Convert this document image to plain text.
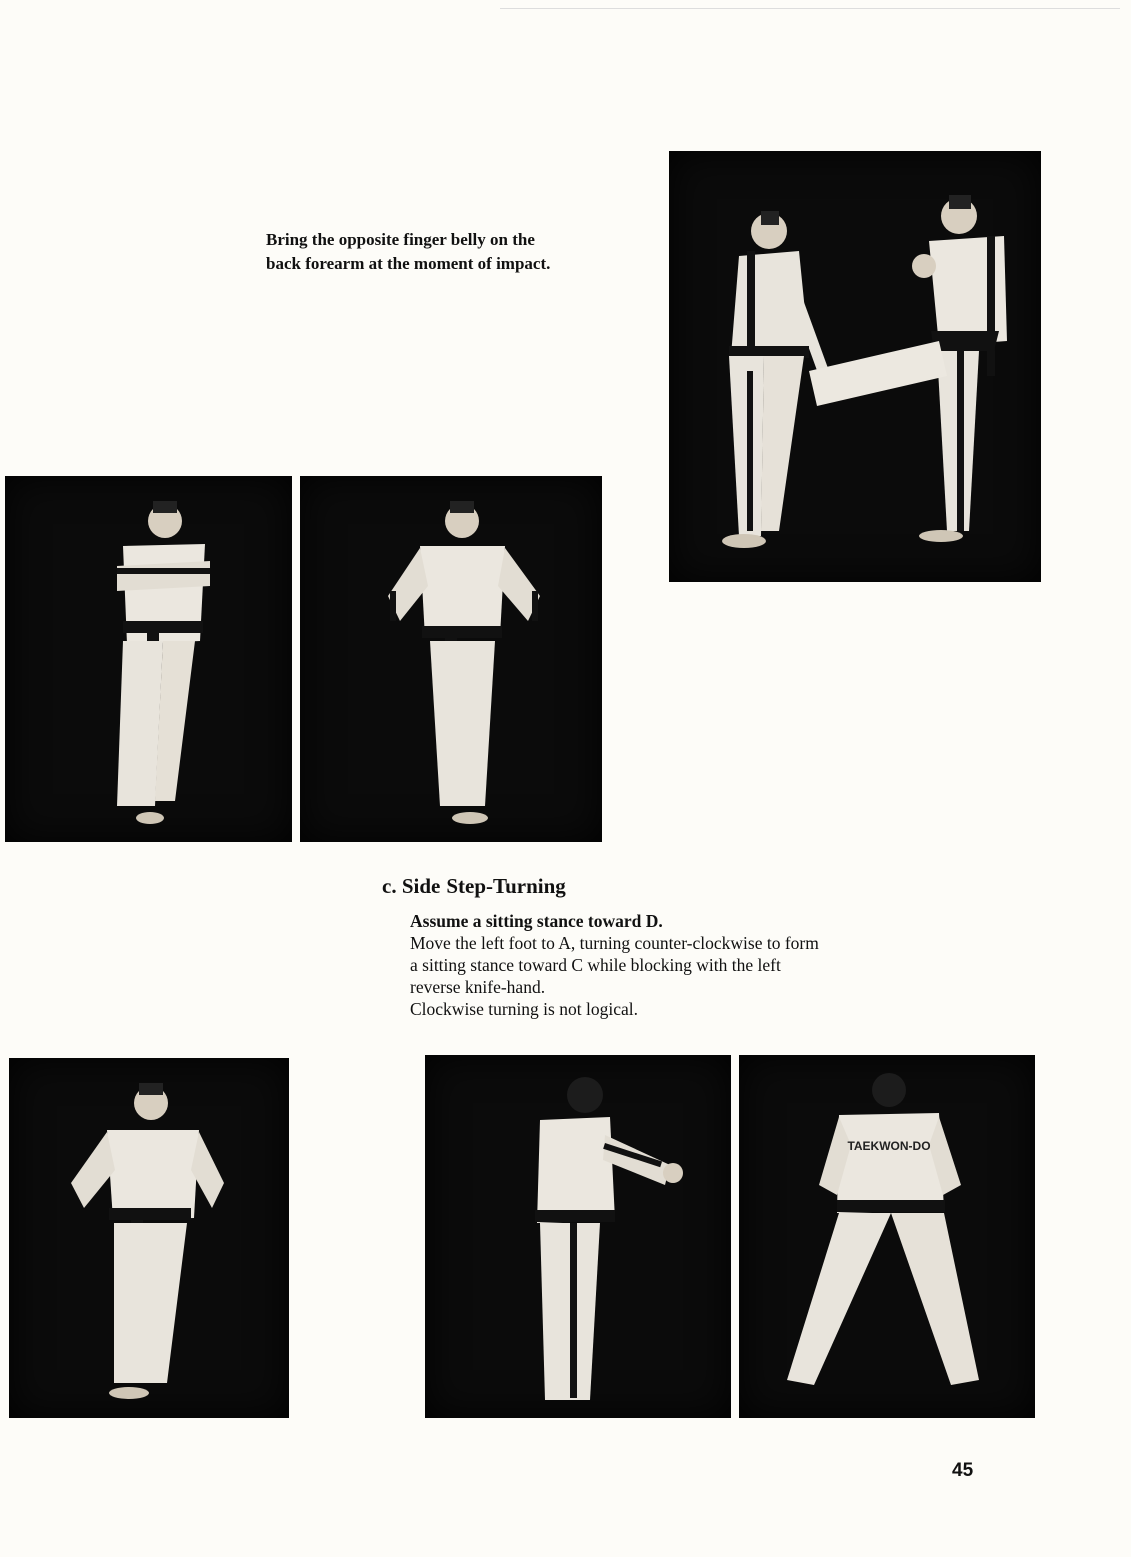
Bring the opposite finger belly on the
back forearm at the moment of impact.
c. Side Step-Turning
Assume a sitting stance toward D.
Move the left foot to A, turning counter-clockwise to form
a sitting stance toward C while blocking with the left
reverse knife-hand.
Clockwise turning is not logical.
TAEKWON-DO
45
